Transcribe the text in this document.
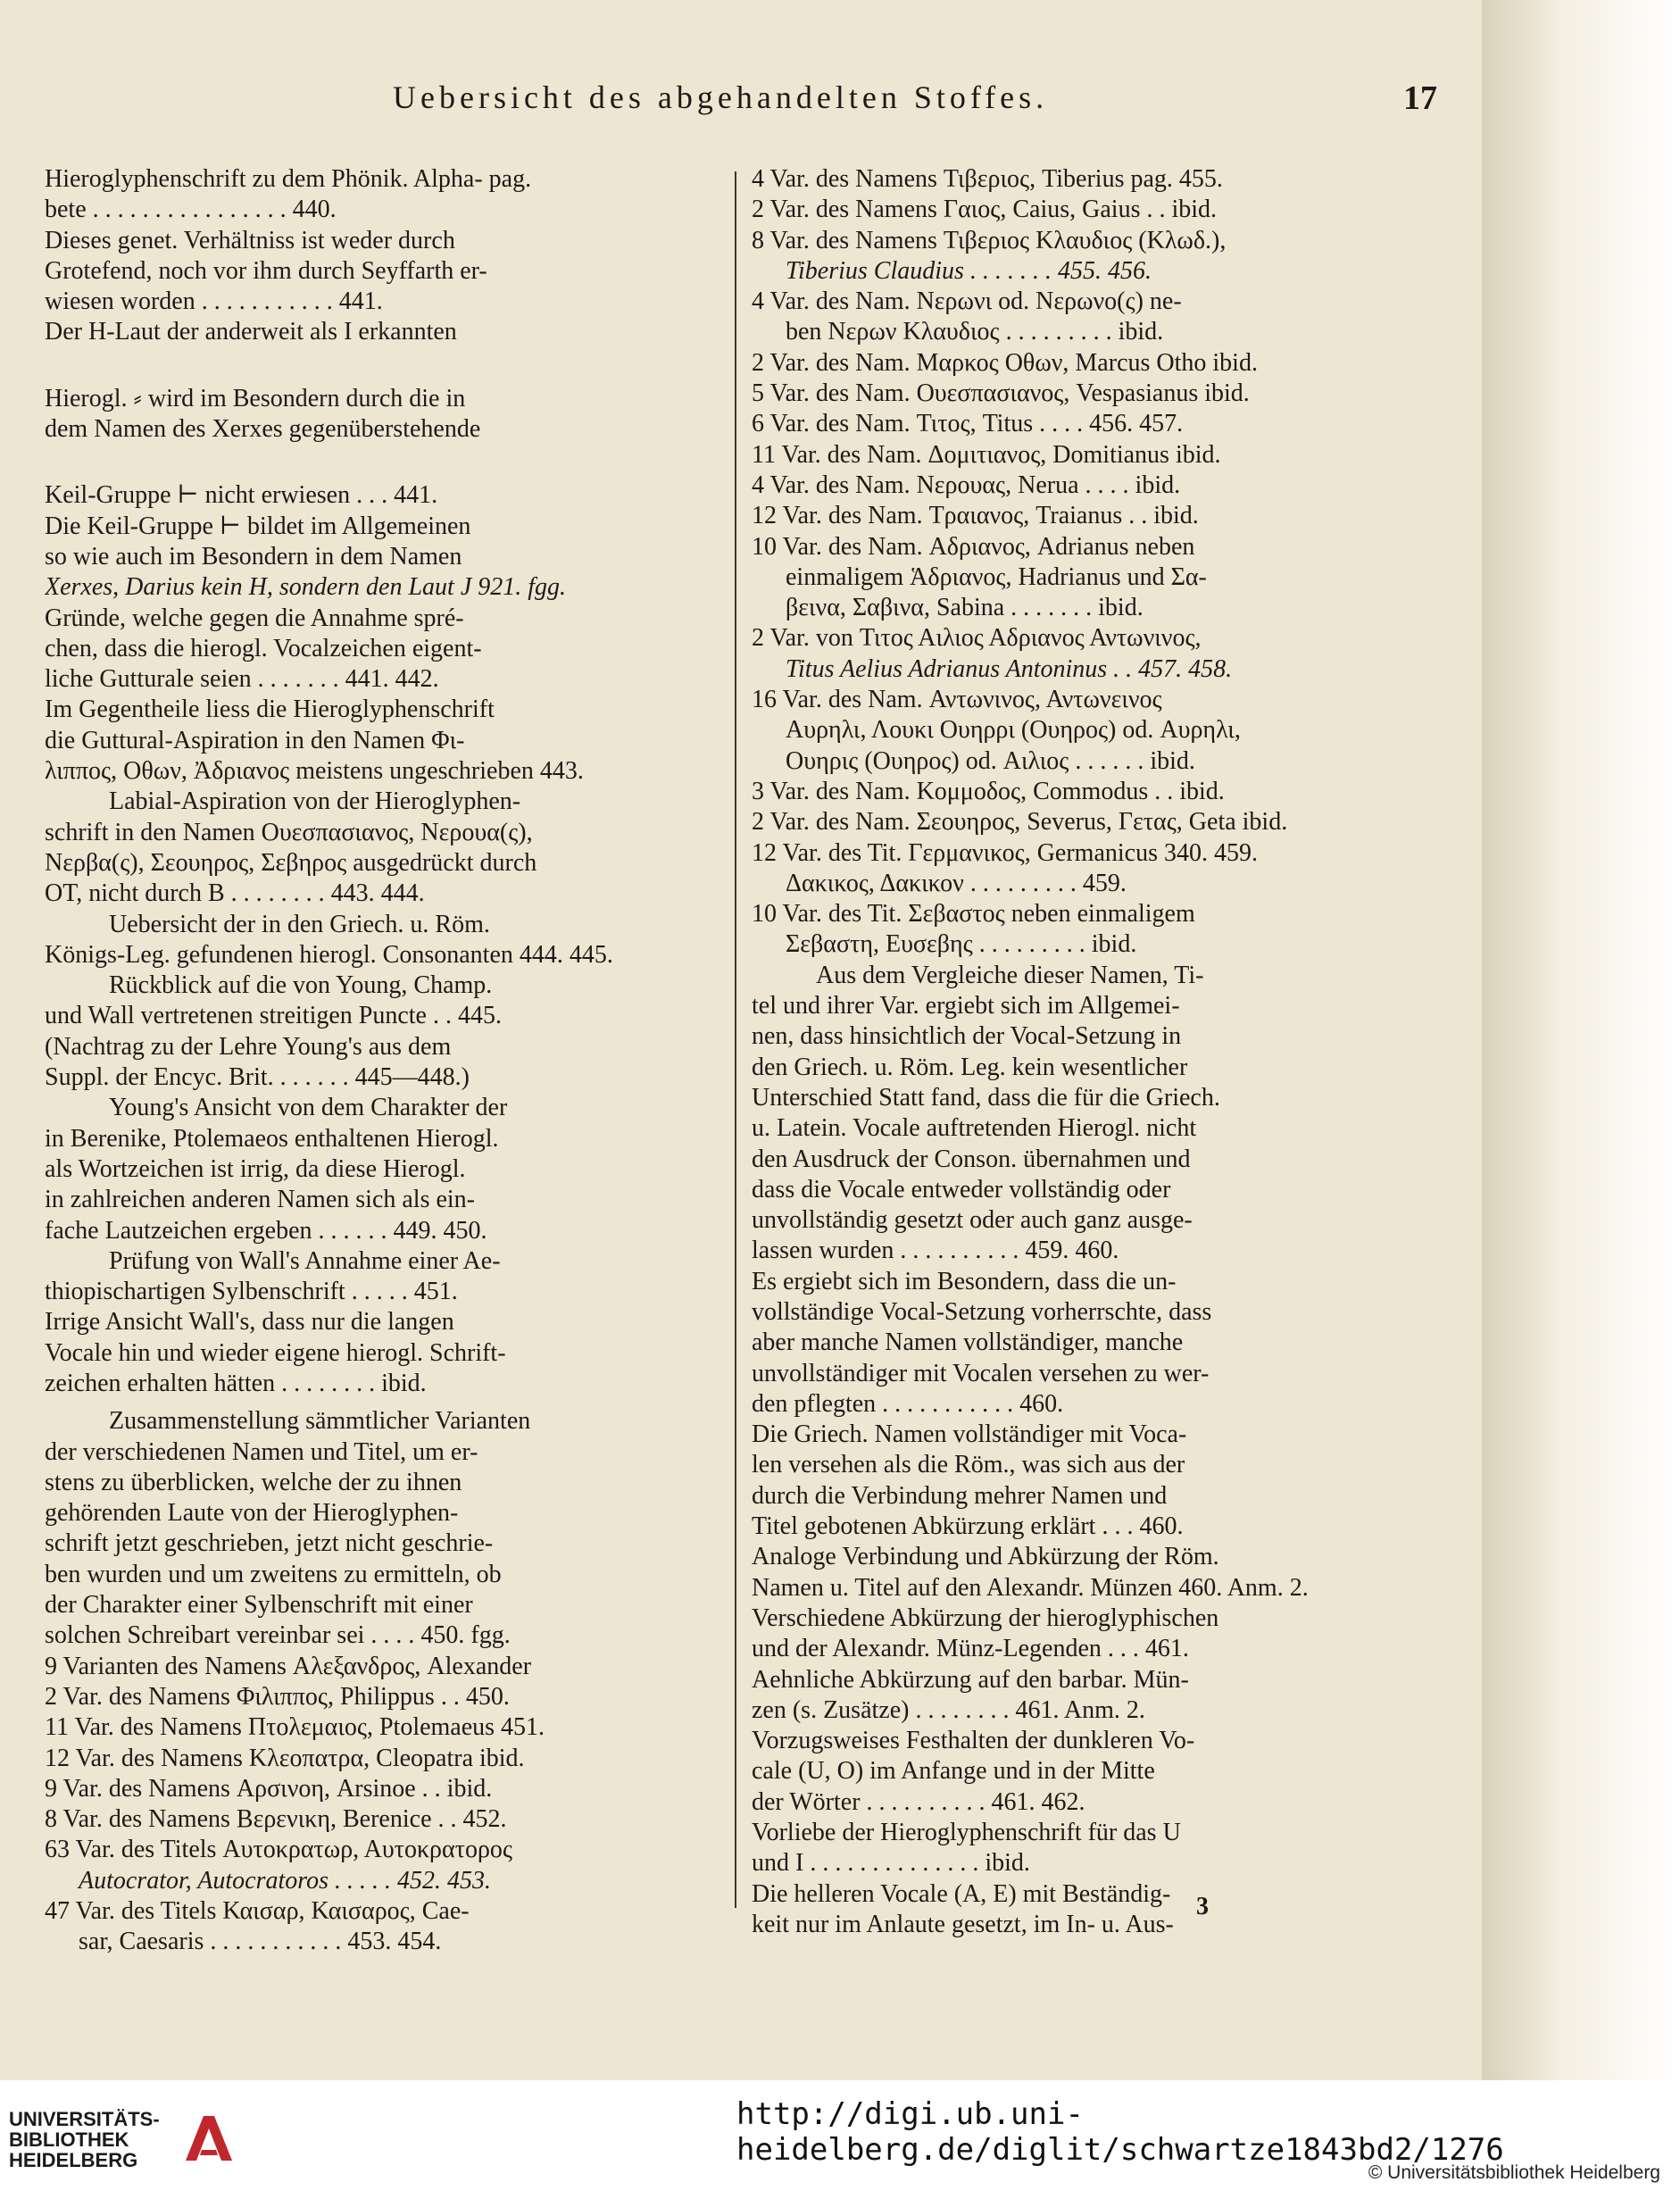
Uebersicht des abgehandelten Stoffes.	17
Hieroglyphenschrift zu dem Phönik. Alpha- pag.
bete . . . . . . . . . . . . . . . . 440.
Dieses genet. Verhältniss ist weder durch
Grotefend, noch vor ihm durch Seyffarth er-
wiesen worden . . . . . . . . . . . 441.
Der H-Laut der anderweit als I erkannten
Hierogl. ⸗ wird im Besondern durch die in
dem Namen des Xerxes gegenüberstehende
Keil-Gruppe ⊢ nicht erwiesen . . . 441.
Die Keil-Gruppe ⊢ bildet im Allgemeinen
so wie auch im Besondern in dem Namen
Xerxes, Darius kein H, sondern den Laut J 921. fgg.
Gründe, welche gegen die Annahme spré-
chen, dass die hierogl. Vocalzeichen eigent-
liche Gutturale seien . . . . . . . 441. 442.
Im Gegentheile liess die Hieroglyphenschrift
die Guttural-Aspiration in den Namen Φι-
λιππος, Οθων, Ἀδριανος meistens ungeschrieben 443.
Labial-Aspiration von der Hieroglyphen-
schrift in den Namen Ουεσπασιανος, Νερουα(ς),
Νερβα(ς), Σεουηρος, Σεβηρος ausgedrückt durch
OT, nicht durch B . . . . . . . . 443. 444.
Uebersicht der in den Griech. u. Röm.
Königs-Leg. gefundenen hierogl. Consonanten 444. 445.
Rückblick auf die von Young, Champ.
und Wall vertretenen streitigen Puncte . . 445.
(Nachtrag zu der Lehre Young's aus dem
Suppl. der Encyc. Brit. . . . . . . 445—448.)
Young's Ansicht von dem Charakter der
in Berenike, Ptolemaeos enthaltenen Hierogl.
als Wortzeichen ist irrig, da diese Hierogl.
in zahlreichen anderen Namen sich als ein-
fache Lautzeichen ergeben . . . . . . 449. 450.
Prüfung von Wall's Annahme einer Ae-
thiopischartigen Sylbenschrift . . . . . 451.
Irrige Ansicht Wall's, dass nur die langen
Vocale hin und wieder eigene hierogl. Schrift-
zeichen erhalten hätten . . . . . . . . ibid.
Zusammenstellung sämmtlicher Varianten
der verschiedenen Namen und Titel, um er-
stens zu überblicken, welche der zu ihnen
gehörenden Laute von der Hieroglyphen-
schrift jetzt geschrieben, jetzt nicht geschrie-
ben wurden und um zweitens zu ermitteln, ob
der Charakter einer Sylbenschrift mit einer
solchen Schreibart vereinbar sei . . . . 450. fgg.
9 Varianten des Namens Αλεξανδρος, Alexander
2 Var. des Namens Φιλιππος, Philippus . . 450.
11 Var. des Namens Πτολεμαιος, Ptolemaeus 451.
12 Var. des Namens Κλεοπατρα, Cleopatra ibid.
9 Var. des Namens Αρσινοη, Arsinoe . . ibid.
8 Var. des Namens Βερενικη, Berenice . . 452.
63 Var. des Titels Αυτοκρατωρ, Αυτοκρατορος
Autocrator, Autocratoros . . . . . 452. 453.
47 Var. des Titels Καισαρ, Καισαρος, Cae-
sar, Caesaris . . . . . . . . . . . 453. 454.
4 Var. des Namens Τιβεριος, Tiberius pag. 455.
2 Var. des Namens Γαιος, Caius, Gaius . . ibid.
8 Var. des Namens Τιβεριος Κλαυδιος (Κλωδ.),
Tiberius Claudius . . . . . . . 455. 456.
4 Var. des Nam. Νερωνι od. Νερωνο(ς) ne-
ben Νερων Κλαυδιος . . . . . . . . . ibid.
2 Var. des Nam. Μαρκος Οθων, Marcus Otho ibid.
5 Var. des Nam. Ουεσπασιανος, Vespasianus ibid.
6 Var. des Nam. Τιτος, Titus . . . . 456. 457.
11 Var. des Nam. Δομιτιανος, Domitianus ibid.
4 Var. des Nam. Νερουας, Nerua . . . . ibid.
12 Var. des Nam. Τραιανος, Traianus . . ibid.
10 Var. des Nam. Αδριανος, Adrianus neben
einmaligem Ἁδριανος, Hadrianus und Σα-
βεινα, Σαβινα, Sabina . . . . . . . ibid.
2 Var. von Τιτος Αιλιος Αδριανος Αντωνινος,
Titus Aelius Adrianus Antoninus . . 457. 458.
16 Var. des Nam. Αντωνινος, Αντωνεινος
Αυρηλι, Λουκι Ουηρρι (Ουηρος) od. Αυρηλι,
Ουηρις (Ουηρος) od. Αιλιος . . . . . . ibid.
3 Var. des Nam. Κομμοδος, Commodus . . ibid.
2 Var. des Nam. Σεουηρος, Severus, Γετας, Geta ibid.
12 Var. des Tit. Γερμανικος, Germanicus 340. 459.
Δακικος, Δακικον . . . . . . . . . 459.
10 Var. des Tit. Σεβαστος neben einmaligem
Σεβαστη, Ευσεβης . . . . . . . . . ibid.
Aus dem Vergleiche dieser Namen, Ti-
tel und ihrer Var. ergiebt sich im Allgemei-
nen, dass hinsichtlich der Vocal-Setzung in
den Griech. u. Röm. Leg. kein wesentlicher
Unterschied Statt fand, dass die für die Griech.
u. Latein. Vocale auftretenden Hierogl. nicht
den Ausdruck der Conson. übernahmen und
dass die Vocale entweder vollständig oder
unvollständig gesetzt oder auch ganz ausge-
lassen wurden . . . . . . . . . . 459. 460.
Es ergiebt sich im Besondern, dass die un-
vollständige Vocal-Setzung vorherrschte, dass
aber manche Namen vollständiger, manche
unvollständiger mit Vocalen versehen zu wer-
den pflegten . . . . . . . . . . . 460.
Die Griech. Namen vollständiger mit Voca-
len versehen als die Röm., was sich aus der
durch die Verbindung mehrer Namen und
Titel gebotenen Abkürzung erklärt . . . 460.
Analoge Verbindung und Abkürzung der Röm.
Namen u. Titel auf den Alexandr. Münzen 460. Anm. 2.
Verschiedene Abkürzung der hieroglyphischen
und der Alexandr. Münz-Legenden . . . 461.
Aehnliche Abkürzung auf den barbar. Mün-
zen (s. Zusätze) . . . . . . . . 461. Anm. 2.
Vorzugsweises Festhalten der dunkleren Vo-
cale (U, O) im Anfange und in der Mitte
der Wörter . . . . . . . . . . 461. 462.
Vorliebe der Hieroglyphenschrift für das U
und I . . . . . . . . . . . . . . ibid.
Die helleren Vocale (A, E) mit Beständig-
keit nur im Anlaute gesetzt, im In- u. Aus-
3
UNIVERSITÄTS-
BIBLIOTHEK
HEIDELBERG
http://digi.ub.uni-heidelberg.de/diglit/schwartze1843bd2/1276
© Universitätsbibliothek Heidelberg
